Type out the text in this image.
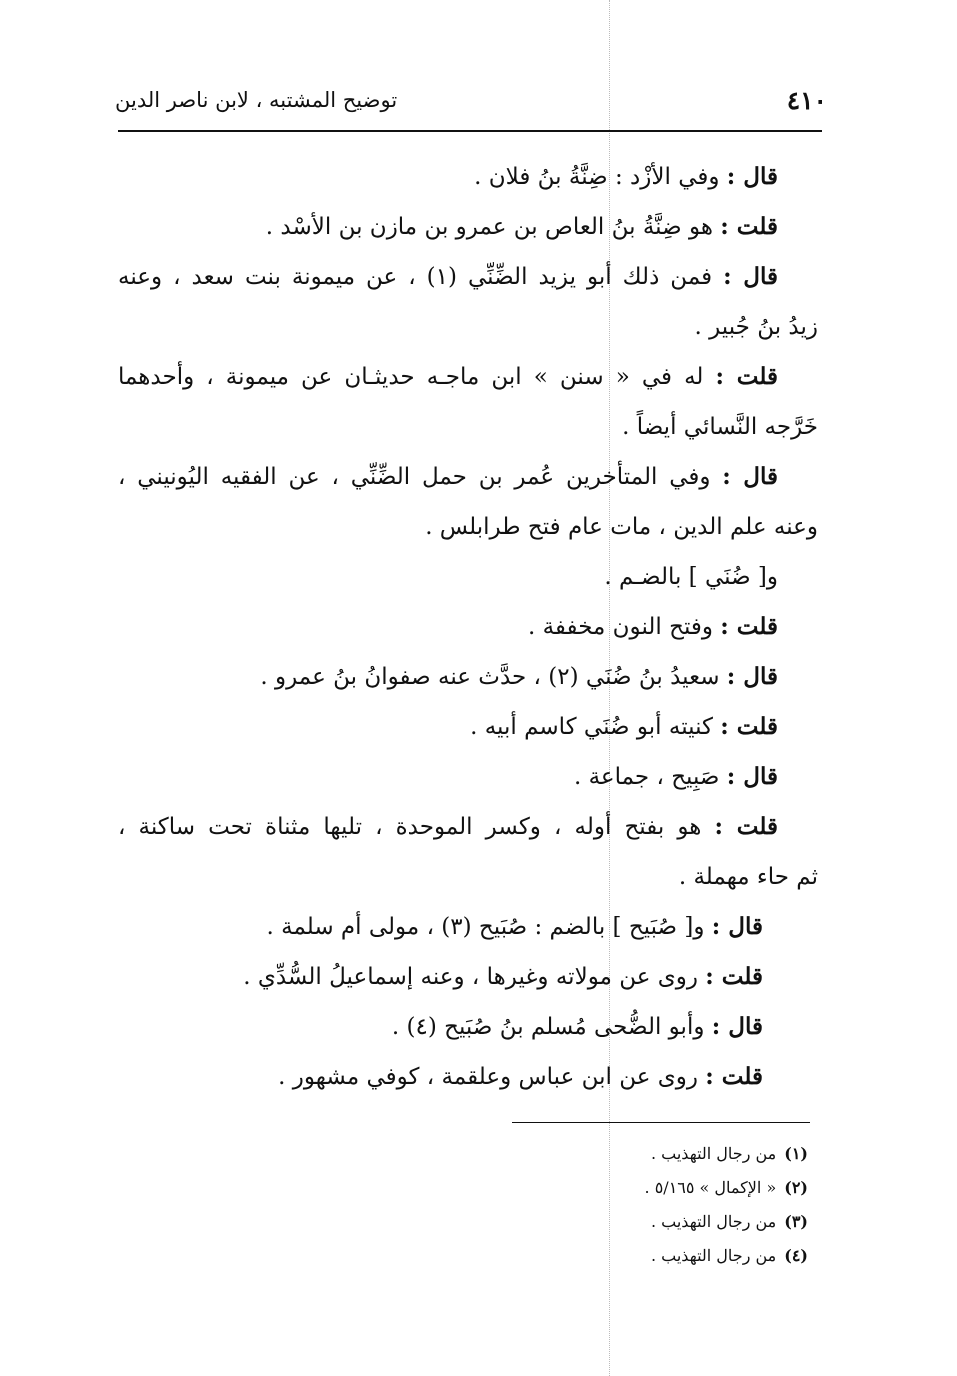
٤١٠
توضيح المشتبه ، لابن ناصر الدين
قال : وفي الأزْد : ضِنَّةُ بنُ فلان .
قلت : هو ضِنَّةُ بنُ العاص بن عمرو بن مازن بن الأسْد .
قال : فمن ذلك أبو يزيد الضِّنِّي (١) ، عن ميمونة بنت سعد ، وعنه
زيدُ بنُ جُبير .
قلت : له في « سنن » ابن ماجـه حديثـان عن ميمونة ، وأحدهما
خَرَّجه النَّسائي أيضاً .
قال : وفي المتأخرين عُمر بن حمل الضِّنِّي ، عن الفقيه اليُونيني ،
وعنه علم الدين ، مات عام فتح طرابلس .
و[ ضُنَي ] بالضـم .
قلت : وفتح النون مخففة .
قال : سعيدُ بنُ ضُنَي (٢) ، حدَّث عنه صفوانُ بنُ عمرو .
قلت : كنيته أبو ضُنَي كاسم أبيه .
قال : صَبِيح ، جماعة .
قلت : هو بفتح أوله ، وكسر الموحدة ، تليها مثناة تحت ساكنة ،
ثم حاء مهملة .
قال : و[ صُبَيح ] بالضم : صُبَيح (٣) ، مولى أم سلمة .
قلت : روى عن مولاته وغيرها ، وعنه إسماعيلُ السُّدِّي .
قال : وأبو الضُّحى مُسلم بنُ صُبَيح (٤) .
قلت : روى عن ابن عباس وعلقمة ، كوفي مشهور .
(١)من رجال التهذيب .
(٢)« الإكمال » ٥/١٦٥ .
(٣)من رجال التهذيب .
(٤)من رجال التهذيب .
